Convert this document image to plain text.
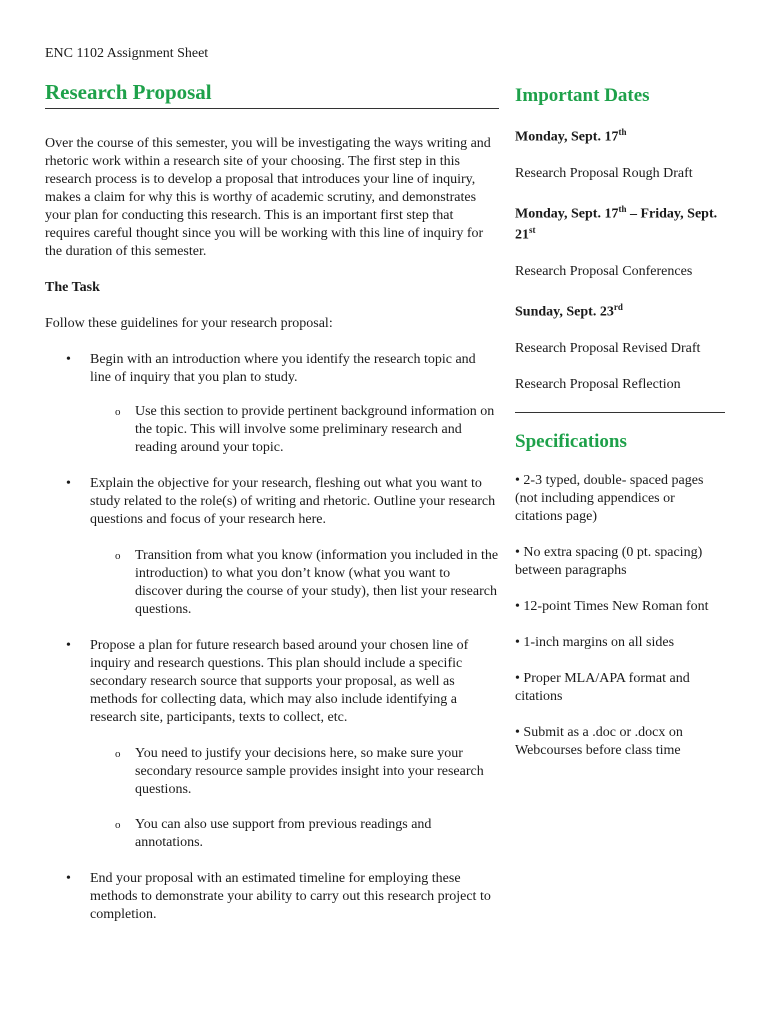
ENC 1102 Assignment Sheet
Research Proposal

Over the course of this semester, you will be investigating the ways writing and rhetoric work within a research site of your choosing. The first step in this research process is to develop a proposal that introduces your line of inquiry, makes a claim for why this is worthy of academic scrutiny, and demonstrates your plan for conducting this research. This is an important first step that requires careful thought since you will be working with this line of inquiry for the duration of this semester.

The Task

Follow these guidelines for your research proposal:

• Begin with an introduction where you identify the research topic and line of inquiry that you plan to study.
o Use this section to provide pertinent background information on the topic. This will involve some preliminary research and reading around your topic.
• Explain the objective for your research, fleshing out what you want to study related to the role(s) of writing and rhetoric. Outline your research questions and focus of your research here.
o Transition from what you know (information you included in the introduction) to what you don’t know (what you want to discover during the course of your study), then list your research questions.
• Propose a plan for future research based around your chosen line of inquiry and research questions. This plan should include a specific secondary research source that supports your proposal, as well as methods for collecting data, which may also include identifying a research site, participants, texts to collect, etc.
o You need to justify your decisions here, so make sure your secondary resource sample provides insight into your research questions.
o You can also use support from previous readings and annotations.
• End your proposal with an estimated timeline for employing these methods to demonstrate your ability to carry out this research project to completion.
Important Dates
Monday, Sept. 17th
Research Proposal Rough Draft
Monday, Sept. 17th – Friday, Sept. 21st
Research Proposal Conferences
Sunday, Sept. 23rd
Research Proposal Revised Draft
Research Proposal Reflection
Specifications
• 2-3 typed, double- spaced pages (not including appendices or citations page)
• No extra spacing (0 pt. spacing) between paragraphs
• 12-point Times New Roman font
• 1-inch margins on all sides
• Proper MLA/APA format and citations
• Submit as a .doc or .docx on Webcourses before class time
